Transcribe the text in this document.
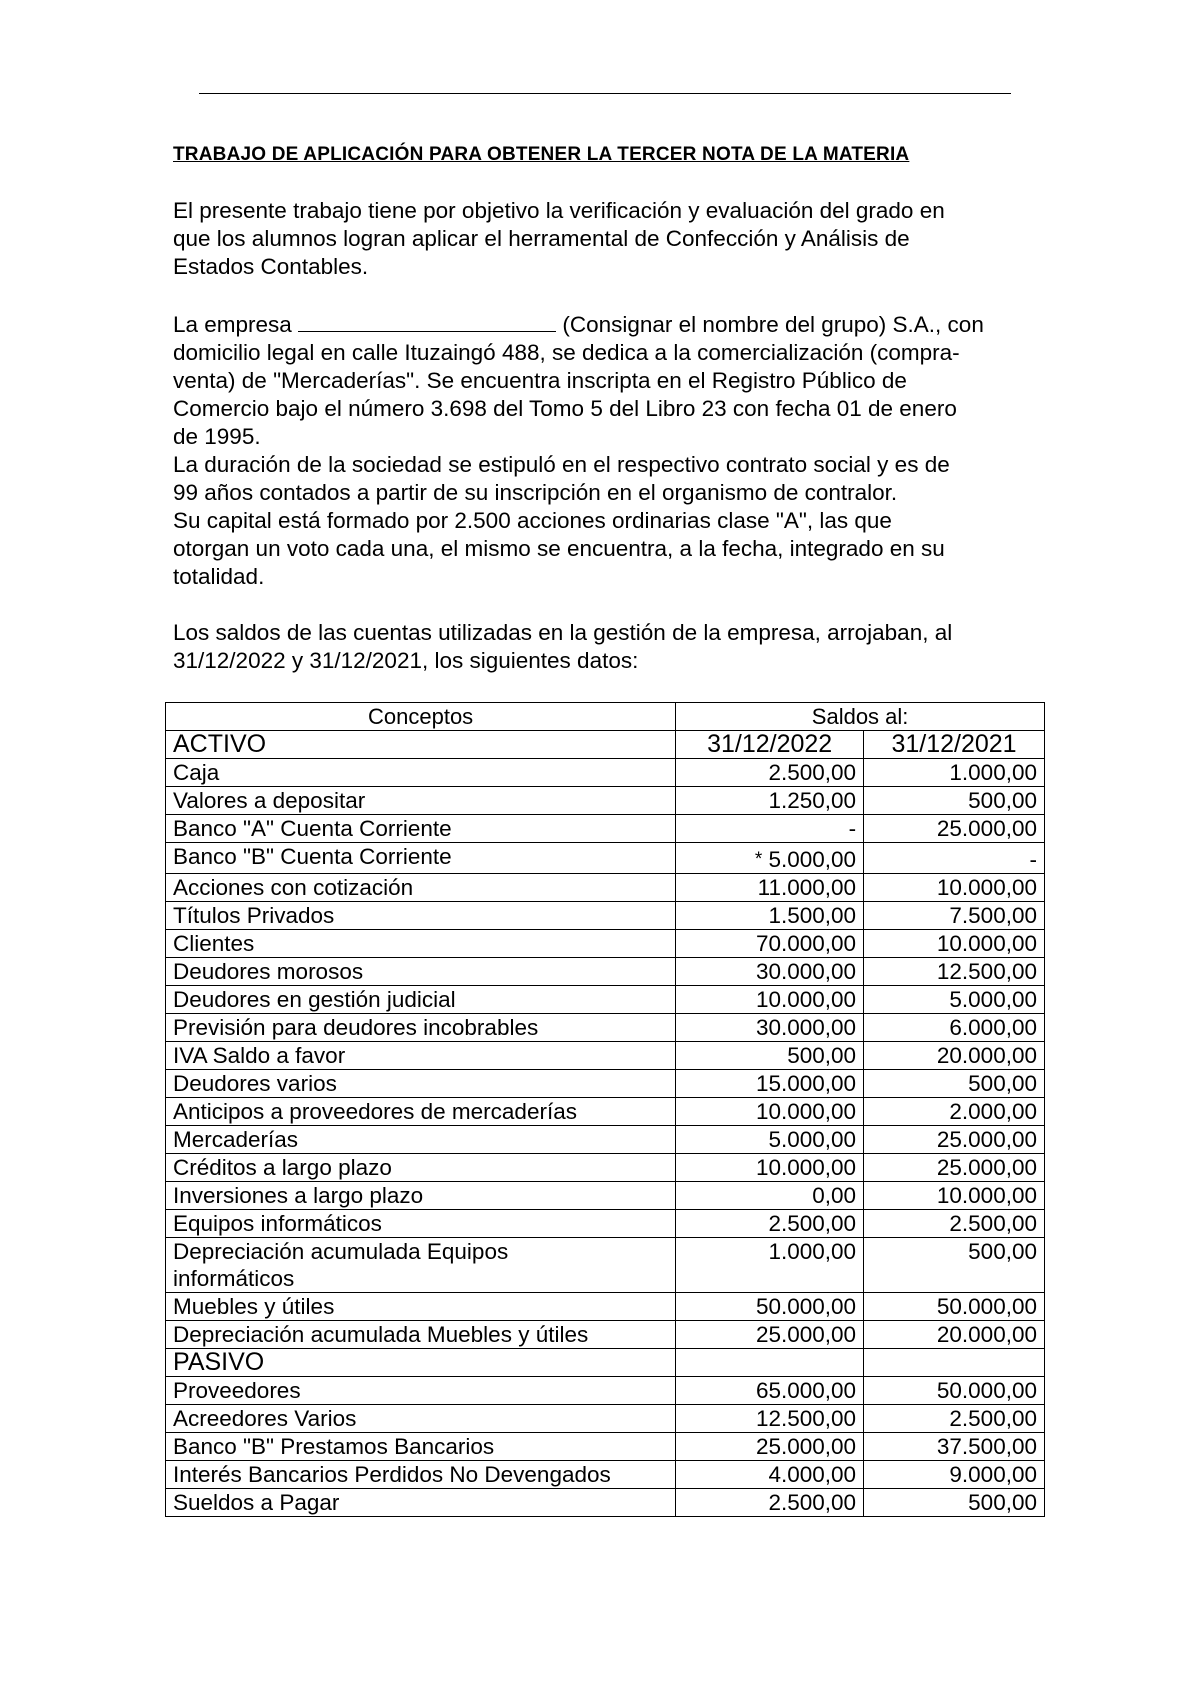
TRABAJO DE APLICACIÓN PARA OBTENER LA TERCER NOTA DE LA MATERIA
El presente trabajo tiene por objetivo la verificación y evaluación del grado en
que los alumnos logran aplicar el herramental de Confección y Análisis de
Estados Contables.
La empresa	(Consignar el nombre del grupo) S.A., con
domicilio legal en calle Ituzaingó 488, se dedica a la comercialización (compra-
venta) de "Mercaderías". Se encuentra inscripta en el Registro Público de
Comercio bajo el número 3.698 del Tomo 5 del Libro 23 con fecha 01 de enero
de 1995.
La duración de la sociedad se estipuló en el respectivo contrato social y es de
99 años contados a partir de su inscripción en el organismo de contralor.
Su capital está formado por 2.500 acciones ordinarias clase "A", las que
otorgan un voto cada una, el mismo se encuentra, a la fecha, integrado en su
totalidad.
Los saldos de las cuentas utilizadas en la gestión de la empresa, arrojaban, al
31/12/2022 y 31/12/2021, los siguientes datos:
Conceptos	Saldos al:	
ACTIVO	31/12/2022	31/12/2021
Caja	2.500,00	1.000,00
Valores a depositar	1.250,00	500,00
Banco "A" Cuenta Corriente	-	25.000,00
Banco "B" Cuenta Corriente	* 5.000,00	-
Acciones con cotización	11.000,00	10.000,00
Títulos Privados	1.500,00	7.500,00
Clientes	70.000,00	10.000,00
Deudores morosos	30.000,00	12.500,00
Deudores en gestión judicial	10.000,00	5.000,00
Previsión para deudores incobrables	30.000,00	6.000,00
IVA Saldo a favor	500,00	20.000,00
Deudores varios	15.000,00	500,00
Anticipos a proveedores de mercaderías	10.000,00	2.000,00
Mercaderías	5.000,00	25.000,00
Créditos a largo plazo	10.000,00	25.000,00
Inversiones a largo plazo	0,00	10.000,00
Equipos informáticos	2.500,00	2.500,00
Depreciación acumulada Equipos
informáticos	1.000,00	500,00
Muebles y útiles	50.000,00	50.000,00
Depreciación acumulada Muebles y útiles	25.000,00	20.000,00
PASIVO		
Proveedores	65.000,00	50.000,00
Acreedores Varios	12.500,00	2.500,00
Banco "B" Prestamos Bancarios	25.000,00	37.500,00
Interés Bancarios Perdidos No Devengados	4.000,00	9.000,00
Sueldos a Pagar	2.500,00	500,00
